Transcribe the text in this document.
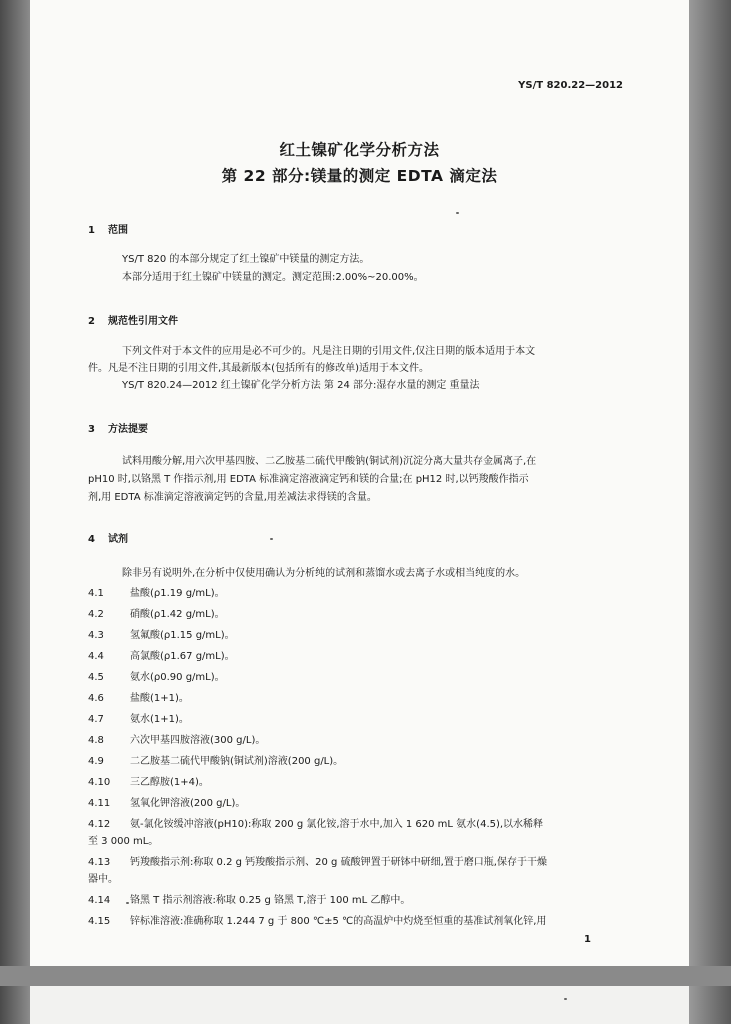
YS/T 820.22—2012
红土镍矿化学分析方法
第 22 部分:镁量的测定 EDTA 滴定法
1 范围
YS/T 820 的本部分规定了红土镍矿中镁量的测定方法。
本部分适用于红土镍矿中镁量的测定。测定范围:2.00%~20.00%。
2 规范性引用文件
下列文件对于本文件的应用是必不可少的。凡是注日期的引用文件,仅注日期的版本适用于本文
件。凡是不注日期的引用文件,其最新版本(包括所有的修改单)适用于本文件。
YS/T 820.24—2012 红土镍矿化学分析方法 第 24 部分:湿存水量的测定 重量法
3 方法提要
试料用酸分解,用六次甲基四胺、二乙胺基二硫代甲酸钠(铜试剂)沉淀分离大量共存金属离子,在
pH10 时,以铬黑 T 作指示剂,用 EDTA 标准滴定溶液滴定钙和镁的合量;在 pH12 时,以钙羧酸作指示
剂,用 EDTA 标准滴定溶液滴定钙的含量,用差减法求得镁的含量。
4 试剂
除非另有说明外,在分析中仅使用确认为分析纯的试剂和蒸馏水或去离子水或相当纯度的水。
4.1	盐酸(ρ1.19 g/mL)。
4.2	硝酸(ρ1.42 g/mL)。
4.3	氢氟酸(ρ1.15 g/mL)。
4.4	高氯酸(ρ1.67 g/mL)。
4.5	氨水(ρ0.90 g/mL)。
4.6	盐酸(1+1)。
4.7	氨水(1+1)。
4.8	六次甲基四胺溶液(300 g/L)。
4.9	二乙胺基二硫代甲酸钠(铜试剂)溶液(200 g/L)。
4.10 三乙醇胺(1+4)。
4.11 氢氧化钾溶液(200 g/L)。
4.12 氨-氯化铵缓冲溶液(pH10):称取 200 g 氯化铵,溶于水中,加入 1 620 mL 氨水(4.5),以水稀释
至 3 000 mL。
4.13 钙羧酸指示剂:称取 0.2 g 钙羧酸指示剂、20 g 硫酸钾置于研钵中研细,置于磨口瓶,保存于干燥
器中。
4.14 铬黑 T 指示剂溶液:称取 0.25 g 铬黑 T,溶于 100 mL 乙醇中。
4.15 锌标准溶液:准确称取 1.244 7 g 于 800 ℃±5 ℃的高温炉中灼烧至恒重的基准试剂氧化锌,用
1
